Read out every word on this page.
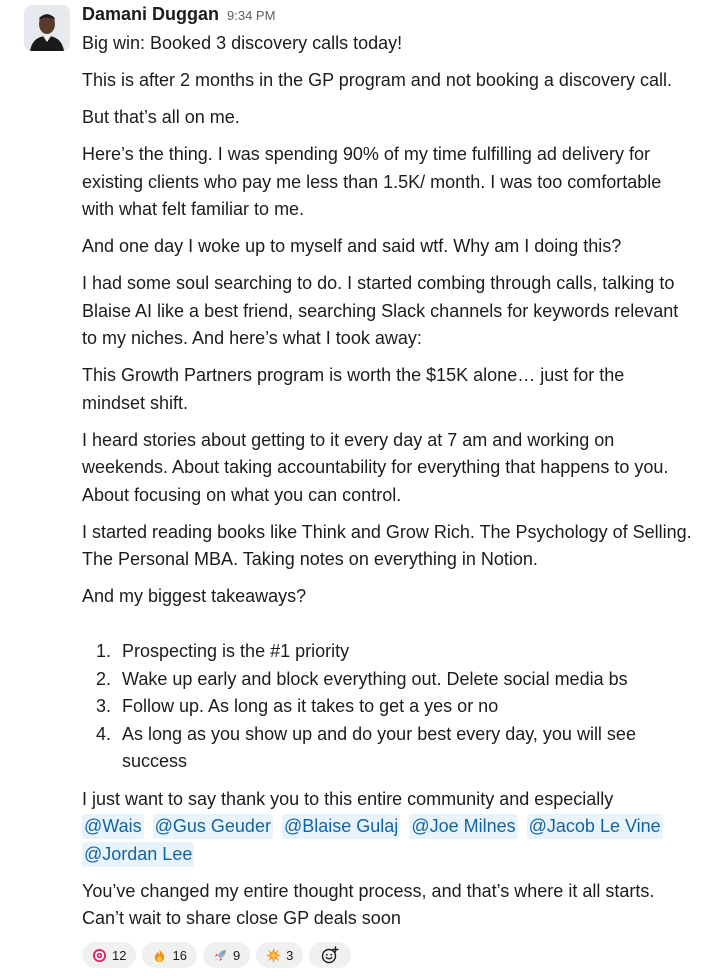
Damani Duggan 9:34 PM

Big win: Booked 3 discovery calls today!

This is after 2 months in the GP program and not booking a discovery call.

But that’s all on me.

Here’s the thing. I was spending 90% of my time fulfilling ad delivery for existing clients who pay me less than 1.5K/ month. I was too comfortable with what felt familiar to me.

And one day I woke up to myself and said wtf. Why am I doing this?

I had some soul searching to do. I started combing through calls, talking to Blaise AI like a best friend, searching Slack channels for keywords relevant to my niches. And here’s what I took away:

This Growth Partners program is worth the $15K alone… just for the mindset shift.

I heard stories about getting to it every day at 7 am and working on weekends. About taking accountability for everything that happens to you. About focusing on what you can control.

I started reading books like Think and Grow Rich. The Psychology of Selling. The Personal MBA. Taking notes on everything in Notion.

And my biggest takeaways?

1. Prospecting is the #1 priority
2. Wake up early and block everything out. Delete social media bs
3. Follow up. As long as it takes to get a yes or no
4. As long as you show up and do your best every day, you will see success
I just want to say thank you to this entire community and especially
@Wais @Gus Geuder @Blaise Gulaj @Joe Milnes @Jacob Le Vine @Jordan Lee

You’ve changed my entire thought process, and that’s where it all starts. Can’t wait to share close GP deals soon

12	16	9	3
